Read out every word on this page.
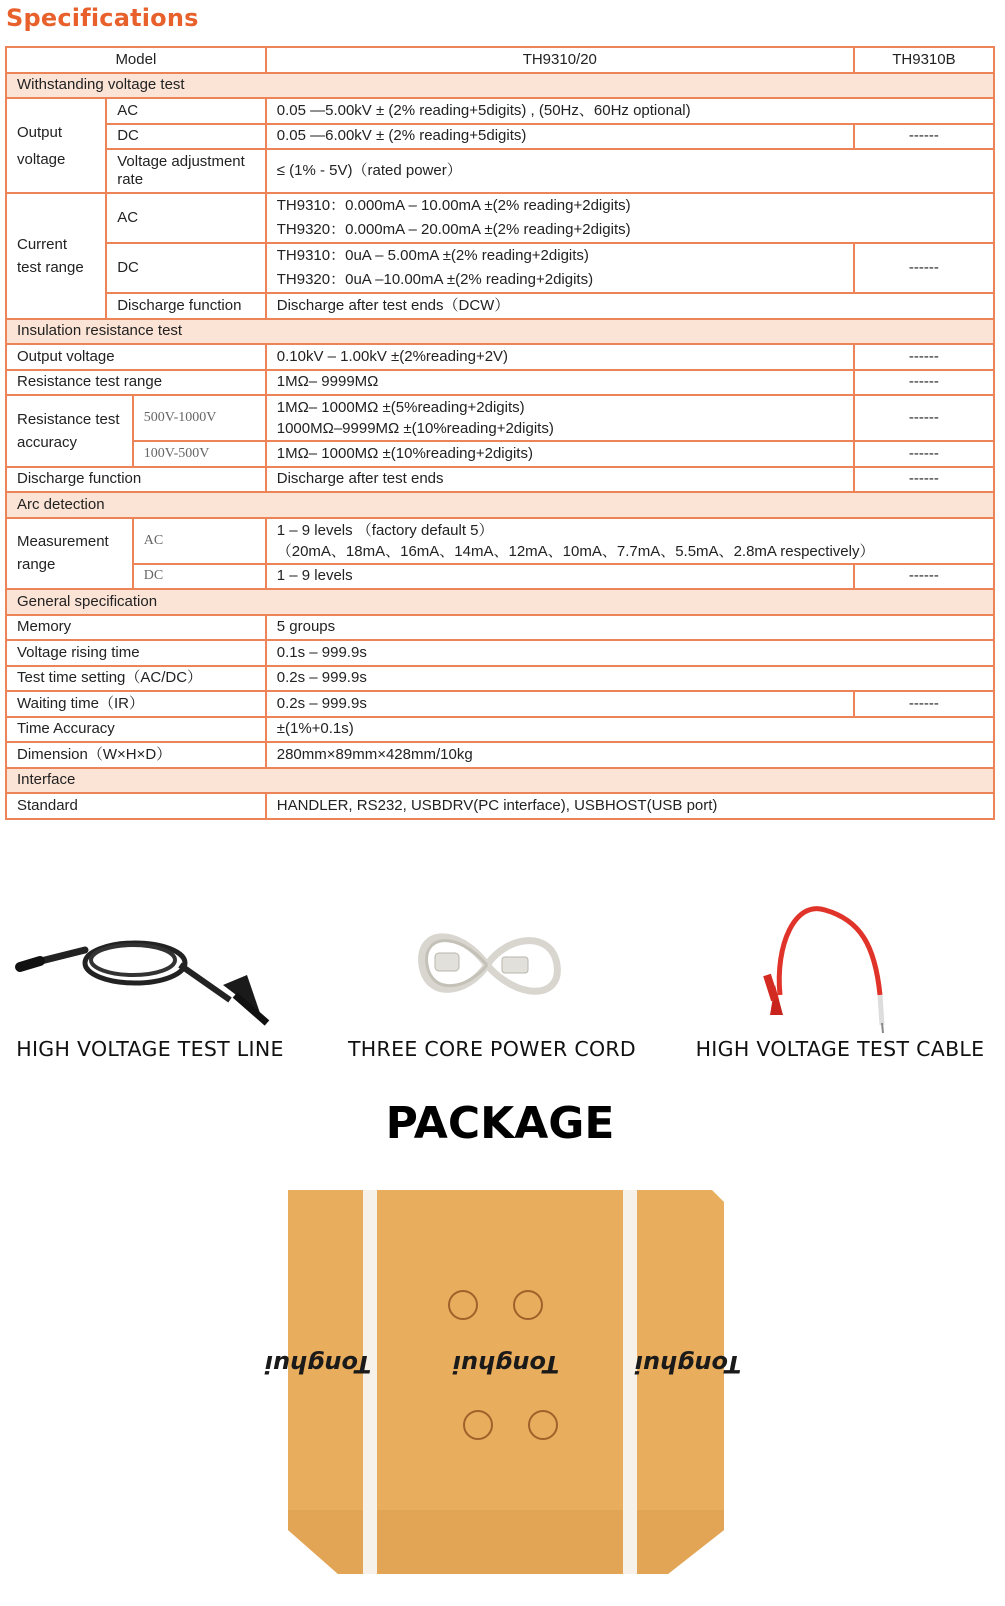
Specifications
Model			TH9310/20	TH9310B
Withstanding voltage test				
Output voltage	AC		0.05 —5.00kV ± (2% reading+5digits) , (50Hz、60Hz optional)	
	DC		0.05 —6.00kV ± (2% reading+5digits)	------
	Voltage adjustment rate		≤ (1% - 5V)（rated power）	
Current test range	AC		TH9310：0.000mA – 10.00mA ±(2% reading+2digits)	
			TH9320：0.000mA – 20.00mA ±(2% reading+2digits)	
	DC		TH9310：0uA – 5.00mA ±(2% reading+2digits)	------
			TH9320：0uA –10.00mA ±(2% reading+2digits)	
	Discharge function		Discharge after test ends（DCW）	
Insulation resistance test				
Output voltage			0.10kV – 1.00kV ±(2%reading+2V)	------
Resistance test range			1MΩ– 9999MΩ	------
Resistance test accuracy		500V-1000V	1MΩ– 1000MΩ ±(5%reading+2digits)
1000MΩ–9999MΩ ±(10%reading+2digits)	------
		100V-500V	1MΩ– 1000MΩ ±(10%reading+2digits)	------
Discharge function			Discharge after test ends	------
Arc detection				
Measurement range		AC	1 – 9 levels （factory default 5）
（20mA、18mA、16mA、14mA、12mA、10mA、7.7mA、5.5mA、2.8mA respectively）	

		DC	1 – 9 levels	------
General specification				
Memory			5 groups	
Voltage rising time			0.1s – 999.9s	
Test time setting（AC/DC）			0.2s – 999.9s	
Waiting time（IR）			0.2s – 999.9s	------
Time Accuracy			±(1%+0.1s)	
Dimension（W×H×D）			280mm×89mm×428mm/10kg	
Interface				
Standard			HANDLER, RS232, USBDRV(PC interface), USBHOST(USB port)	
HIGH VOLTAGE TEST LINE	THREE CORE POWER CORD	HIGH VOLTAGE TEST CABLE
PACKAGE
Tonghui
Tonghui	Tonghui
